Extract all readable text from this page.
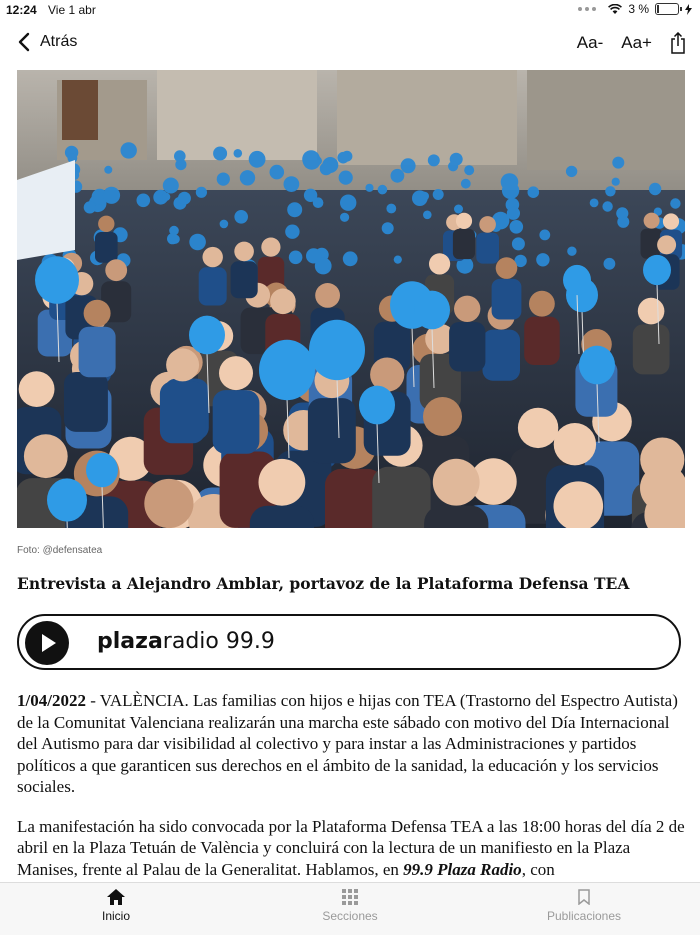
12:24 Vie 1 abr	3 %
Atrás	Aa- Aa+
Foto: @defensatea
Entrevista a Alejandro Amblar, portavoz de la Plataforma Defensa TEA
plazaradio 99.9

1/04/2022 - VALÈNCIA. Las familias con hijos e hijas con TEA (Trastorno del Espectro Autista) de la Comunitat Valenciana realizarán una marcha este sábado con motivo del Día Internacional del Autismo para dar visibilidad al colectivo y para instar a las Administraciones y partidos políticos a que garanticen sus derechos en el ámbito de la sanidad, la educación y los servicios sociales.

La manifestación ha sido convocada por la Plataforma Defensa TEA a las 18:00 horas del día 2 de abril en la Plaza Tetuán de València y concluirá con la lectura de un manifiesto en la Plaza Manises, frente al Palau de la Generalitat. Hablamos, en 99.9 Plaza Radio, con

Inicio	Secciones	Publicaciones
